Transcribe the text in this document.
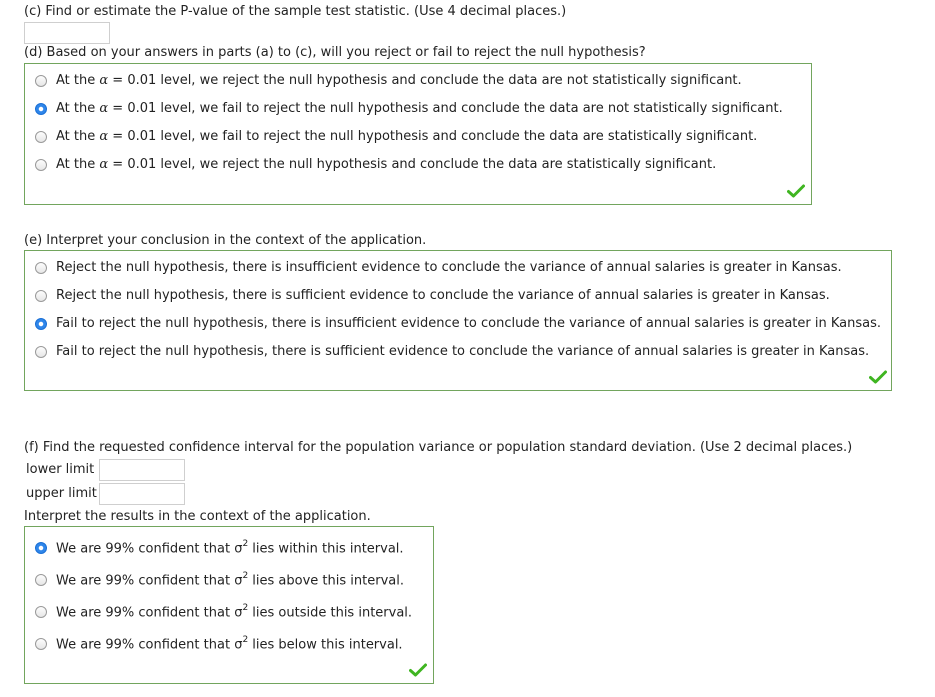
(c) Find or estimate the P-value of the sample test statistic. (Use 4 decimal places.)
(d) Based on your answers in parts (a) to (c), will you reject or fail to reject the null hypothesis?
At the α = 0.01 level, we reject the null hypothesis and conclude the data are not statistically significant.
At the α = 0.01 level, we fail to reject the null hypothesis and conclude the data are not statistically significant.
At the α = 0.01 level, we fail to reject the null hypothesis and conclude the data are statistically significant.
At the α = 0.01 level, we reject the null hypothesis and conclude the data are statistically significant.
(e) Interpret your conclusion in the context of the application.
Reject the null hypothesis, there is insufficient evidence to conclude the variance of annual salaries is greater in Kansas.
Reject the null hypothesis, there is sufficient evidence to conclude the variance of annual salaries is greater in Kansas.
Fail to reject the null hypothesis, there is insufficient evidence to conclude the variance of annual salaries is greater in Kansas.
Fail to reject the null hypothesis, there is sufficient evidence to conclude the variance of annual salaries is greater in Kansas.
(f) Find the requested confidence interval for the population variance or population standard deviation. (Use 2 decimal places.)
lower limit
upper limit
Interpret the results in the context of the application.
We are 99% confident that $\sigma^2$ lies within this interval.
We are 99% confident that $\sigma^2$ lies above this interval.
We are 99% confident that $\sigma^2$ lies outside this interval.
We are 99% confident that $\sigma^2$ lies below this interval.
